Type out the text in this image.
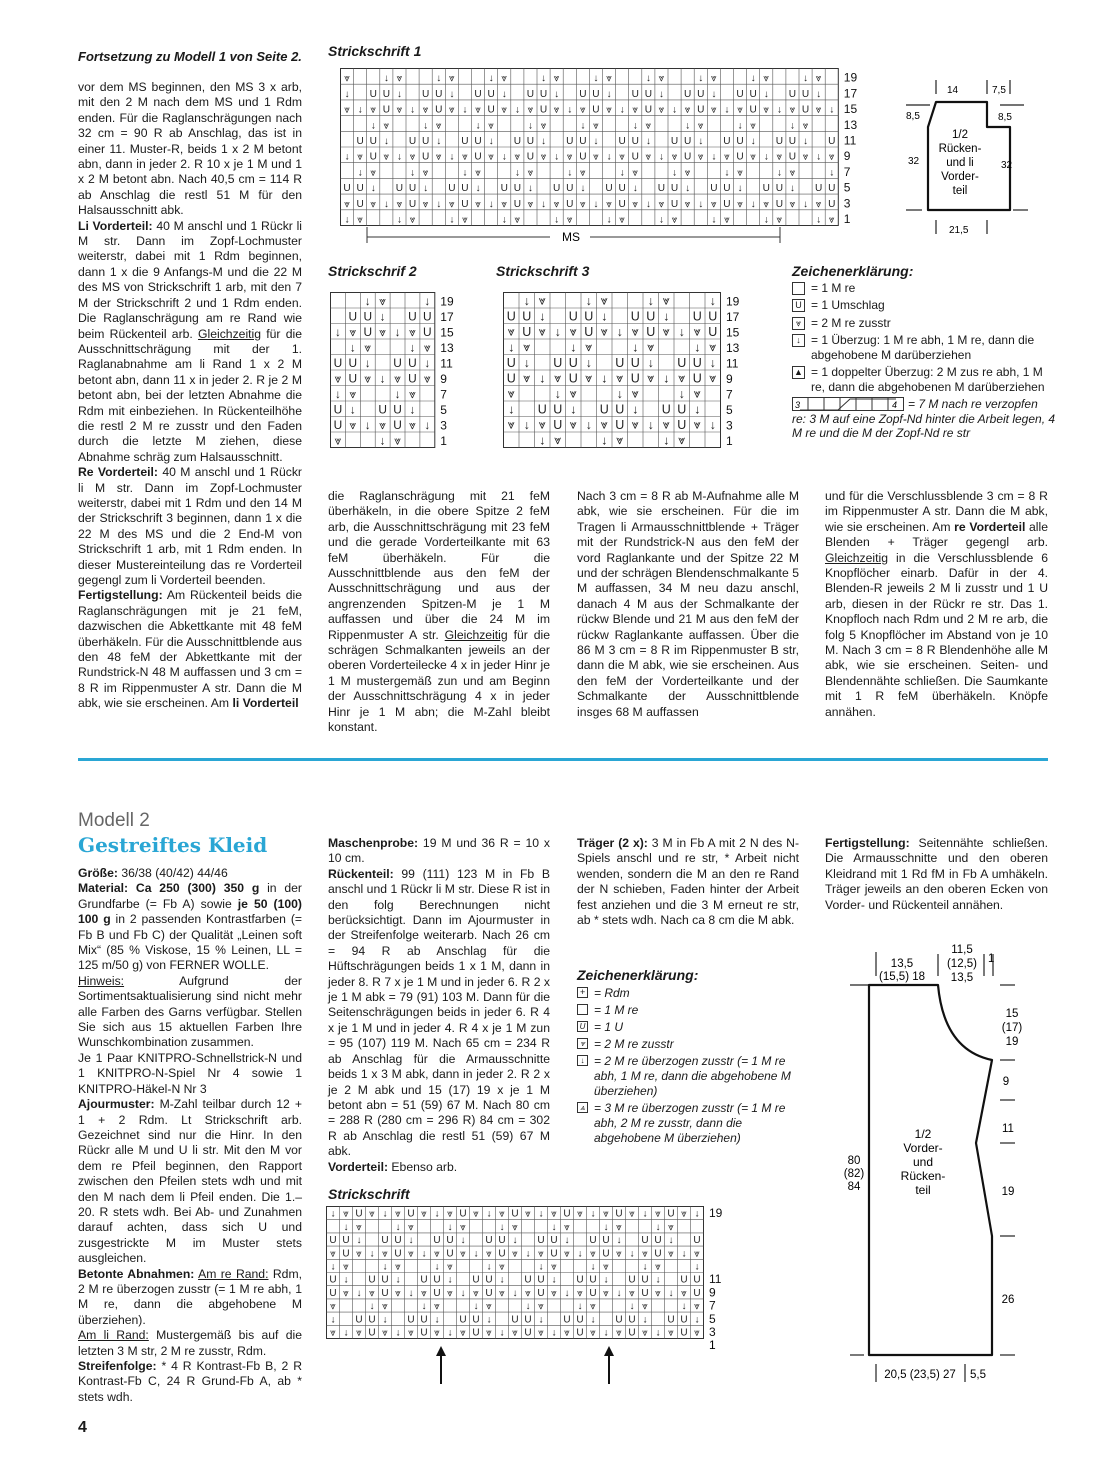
Fortsetzung zu Modell 1 von Seite 2.

vor dem MS beginnen, den MS 3 x arb, mit den 2 M nach dem MS und 1 Rdm enden. Für die Raglanschrägungen nach 32 cm = 90 R ab Anschlag, das ist in einer 11. Muster-R, beids 1 x 2 M betont abn, dann in jeder 2. R 10 x je 1 M und 1 x 2 M betont abn. Nach 40,5 cm = 114 R ab Anschlag die restl 51 M für den Halsausschnitt abk.

Li Vorderteil: 40 M anschl und 1 Rückr li M str. Dann im Zopf-Lochmuster weiterstr, dabei mit 1 Rdm beginnen, dann 1 x die 9 Anfangs-M und die 22 M des MS von Strickschrift 1 arb, mit den 7 M der Strickschrift 2 und 1 Rdm enden. Die Raglanschrägung am re Rand wie beim Rückenteil arb. Gleichzeitig für die Ausschnittschrägung mit der 1. Raglanabnahme am li Rand 1 x 2 M betont abn, dann 11 x in jeder 2. R je 2 M betont abn, bei der letzten Abnahme die Rdm mit einbeziehen. In Rückenteilhöhe die restl 2 M re zusstr und den Faden durch die letzte M ziehen, diese Abnahme schräg zum Halsausschnitt.

Re Vorderteil: 40 M anschl und 1 Rückr li M str. Dann im Zopf-Lochmuster weiterstr, dabei mit 1 Rdm und den 14 M der Strickschrift 3 beginnen, dann 1 x die 22 M des MS und die 2 End-M von Strickschrift 1 arb, mit 1 Rdm enden. In dieser Mustereinteilung das re Vorderteil gegengl zum li Vorderteil beenden.

Fertigstellung: Am Rückenteil beids die Raglanschrägungen mit je 21 feM, dazwischen die Abkettkante mit 48 feM überhäkeln. Für die Ausschnittblende aus den 48 feM der Abkettkante mit der Rundstrick-N 48 M auffassen und 3 cm = 8 R im Rippenmuster A str. Dann die M abk, wie sie erscheinen. Am li Vorderteil

Strickschrift 1
⩔	↓ ⩔	↓ ⩔	↓ ⩔	↓ ⩔	↓ ⩔	↓ ⩔	↓ ⩔	↓ ⩔	↓ ⩔ 19
↓ U U ↓ U U ↓ U U ↓ U U ↓ U U ↓ U U ↓ U U ↓ U U ↓ U U ↓ 17
⩔ ↓ ⩔ U ⩔ ↓ ⩔ U ⩔ ↓ ⩔ U ⩔ ↓ ⩔ U ⩔ ↓ ⩔ U ⩔ ↓ ⩔ U ⩔ ↓ ⩔ U ⩔ ↓ ⩔ U ⩔ ↓ ⩔ U ⩔ ↓ 15
↓ ⩔	↓ ⩔	↓ ⩔	↓ ⩔	↓ ⩔	↓ ⩔	↓ ⩔	↓ ⩔	↓ ⩔	13
U U ↓ U U ↓ U U ↓ U U ↓ U U ↓ U U ↓ U U ↓ U U ↓ U U ↓ U 11
↓ ⩔ U ⩔ ↓ ⩔ U ⩔ ↓ ⩔ U ⩔ ↓ ⩔ U ⩔ ↓ ⩔ U ⩔ ↓ ⩔ U ⩔ ↓ ⩔ U ⩔ ↓ ⩔ U ⩔ ↓ ⩔ U ⩔ ↓ ⩔ 9
↓ ⩔	↓ ⩔	↓ ⩔	↓ ⩔	↓ ⩔	↓ ⩔	↓ ⩔	↓ ⩔	↓ ⩔	↓ 7
U U ↓ U U ↓ U U ↓ U U ↓ U U ↓ U U ↓ U U ↓ U U ↓ U U ↓ U U 5
⩔ U ⩔ ↓ ⩔ U ⩔ ↓ ⩔ U ⩔ ↓ ⩔ U ⩔ ↓ ⩔ U ⩔ ↓ ⩔ U ⩔ ↓ ⩔ U ⩔ ↓ ⩔ U ⩔ ↓ ⩔ U ⩔ ↓ ⩔ U 3
↓ ⩔	↓ ⩔	↓ ⩔	↓ ⩔	↓ ⩔	↓ ⩔	↓ ⩔	↓ ⩔	↓ ⩔	↓ ⩔ 1
MS
Strickschrif 2
↓ ⩔	↓ 19
U U ↓ U U 17
↓ ⩔ U ⩔ ↓ ⩔ U 15
↓ ⩔	↓ ⩔ 13
U U ↓ U U ↓ 11
⩔ U ⩔ ↓ ⩔ U ⩔ 9
↓ ⩔	↓ ⩔ 7
U ↓ U U ↓ 5
U ⩔ ↓ ⩔ U ⩔ ↓ 3
⩔	↓ ⩔	1
Strickschrift 3
↓ ⩔	↓ ⩔	↓ ⩔	↓ 19
U U ↓ U U ↓ U U ↓ U U 17
⩔ U ⩔ ↓ ⩔ U ⩔ ↓ ⩔ U ⩔ ↓ ⩔ U 15
↓ ⩔	↓ ⩔	↓ ⩔	↓ ⩔ 13
U ↓ U U ↓ U U ↓ U U ↓ 11
U ⩔ ↓ ⩔ U ⩔ ↓ ⩔ U ⩔ ↓ ⩔ U ⩔ 9
⩔	↓ ⩔	↓ ⩔	↓ ⩔ 7
↓ U U ↓ U U ↓ U U ↓ 5
⩔ ↓ ⩔ U ⩔ ↓ ⩔ U ⩔ ↓ ⩔ U ⩔ ↓ 3
↓ ⩔	↓ ⩔	↓ ⩔	1
14	7,5
8,5	8,5
32	32
1/2
Rücken-
und li
Vorder-
teil
21,5
Zeichenerklärung:
= 1 M re
U = 1 Umschlag
⩔ = 2 M re zusstr
↓ = 1 Überzug: 1 M re abh, 1 M re, dann die abgehobene M darüberziehen
▲ = 1 doppelter Überzug: 2 M zus re abh, 1 M re, dann die abgehobenen M darüberziehen
3	4 = 7 M nach re verzopfen
re: 3 M auf eine Zopf-Nd hinter die Arbeit legen, 4 M re und die M der Zopf-Nd re str

die Raglanschrägung mit 21 feM überhäkeln, in die obere Spitze 2 feM arb, die Ausschnittschrägung mit 23 feM und die gerade Vorderteilkante mit 63 feM überhäkeln. Für die Ausschnittblende aus den feM der Ausschnittschrägung und aus der angrenzenden Spitzen-M je 1 M auffassen und über die 24 M im Rippenmuster A str. Gleichzeitig für die schrägen Schmalkanten jeweils an der oberen Vorderteilecke 4 x in jeder Hinr je 1 M mustergemäß zun und am Beginn der Ausschnittschrägung 4 x in jeder Hinr je 1 M abn; die M-Zahl bleibt konstant.

Nach 3 cm = 8 R ab M-Aufnahme alle M abk, wie sie erscheinen. Für die im Tragen li Armausschnittblende + Träger mit der Rundstrick-N aus den feM der vord Raglankante und der Spitze 22 M und der schrägen Blendenschmalkante 5 M auffassen, 34 M neu dazu anschl, danach 4 M aus der Schmalkante der rückw Blende und 21 M aus den feM der rückw Raglankante auffassen. Über die 86 M 3 cm = 8 R im Rippenmuster B str, dann die M abk, wie sie erscheinen. Aus den feM der Vorderteilkante und der Schmalkante der Ausschnittblende insges 68 M auffassen

und für die Verschlussblende 3 cm = 8 R im Rippenmuster A str. Dann die M abk, wie sie erscheinen. Am re Vorderteil alle Blenden + Träger gegengl arb. Gleichzeitig in die Verschlussblende 6 Knopflöcher einarb. Dafür in der 4. Blenden-R jeweils 2 M li zusstr und 1 U arb, diesen in der Rückr re str. Das 1. Knopfloch nach Rdm und 2 M re arb, die folg 5 Knopflöcher im Abstand von je 10 M. Nach 3 cm = 8 R Blendenhöhe alle M abk, wie sie erscheinen. Seiten- und Blendennähte schließen. Die Saumkante mit 1 R feM überhäkeln. Knöpfe annähen.

Modell 2
Gestreiftes Kleid

Größe: 36/38 (40/42) 44/46

Material: Ca 250 (300) 350 g in der Grundfarbe (= Fb A) sowie je 50 (100) 100 g in 2 passenden Kontrastfarben (= Fb B und Fb C) der Qualität „Leinen soft Mix“ (85 % Viskose, 15 % Leinen, LL = 125 m/50 g) von FERNER WOLLE.

Hinweis: Aufgrund der Sortimentsaktualisierung sind nicht mehr alle Farben des Garns verfügbar. Stellen Sie sich aus 15 aktuellen Farben Ihre Wunschkombination zusammen.

Je 1 Paar KNITPRO-Schnellstrick-N und 1 KNITPRO-N-Spiel Nr 4 sowie 1 KNITPRO-Häkel-N Nr 3

Ajourmuster: M-Zahl teilbar durch 12 + 1 + 2 Rdm. Lt Strickschrift arb. Gezeichnet sind nur die Hinr. In den Rückr alle M und U li str. Mit den M vor dem re Pfeil beginnen, den Rapport zwischen den Pfeilen stets wdh und mit den M nach dem li Pfeil enden. Die 1.–20. R stets wdh. Bei Ab- und Zunahmen darauf achten, dass sich U und zusgestrickte M im Muster stets ausgleichen.

Betonte Abnahmen: Am re Rand: Rdm, 2 M re überzogen zusstr (= 1 M re abh, 1 M re, dann die abgehobene M überziehen).

Am li Rand: Mustergemäß bis auf die letzten 3 M str, 2 M re zusstr, Rdm.

Streifenfolge: * 4 R Kontrast-Fb B, 2 R Kontrast-Fb C, 24 R Grund-Fb A, ab * stets wdh.

Maschenprobe: 19 M und 36 R = 10 x 10 cm.

Rückenteil: 99 (111) 123 M in Fb B anschl und 1 Rückr li M str. Diese R ist in den folg Berechnungen nicht berücksichtigt. Dann im Ajourmuster in der Streifenfolge weiterarb. Nach 26 cm = 94 R ab Anschlag für die Hüftschrägungen beids 1 x 1 M, dann in jeder 8. R 7 x je 1 M und in jeder 6. R 2 x je 1 M abk = 79 (91) 103 M. Dann für die Seitenschrägungen beids in jeder 6. R 4 x je 1 M und in jeder 4. R 4 x je 1 M zun = 95 (107) 119 M. Nach 65 cm = 234 R ab Anschlag für die Armausschnitte beids 1 x 3 M abk, dann in jeder 2. R 2 x je 2 M abk und 15 (17) 19 x je 1 M betont abn = 51 (59) 67 M. Nach 80 cm = 288 R (280 cm = 296 R) 84 cm = 302 R ab Anschlag die restl 51 (59) 67 M abk.

Vorderteil: Ebenso arb.

Träger (2 x): 3 M in Fb A mit 2 N des N-Spiels anschl und re str, * Arbeit nicht wenden, sondern die M an den re Rand der N schieben, Faden hinter der Arbeit fest anziehen und die 3 M erneut re str, ab * stets wdh. Nach ca 8 cm die M abk.

Fertigstellung: Seitennähte schließen. Die Armausschnitte und den oberen Kleidrand mit 1 Rd fM in Fb A umhäkeln. Träger jeweils an den oberen Ecken von Vorder- und Rückenteil annähen.

Zeichenerklärung:
+ = Rdm
= 1 M re
U = 1 U
⩔ = 2 M re zusstr
↓ = 2 M re überzogen zusstr (= 1 M re abh, 1 M re, dann die abgehobene M überziehen)
⩓ = 3 M re überzogen zusstr (= 1 M re abh, 2 M re zusstr, dann die abgehobene M überziehen)
Strickschrift
↓ ⩔ U ⩔ ↓ ⩔ U ⩔ ↓ ⩔ U ⩔ ↓ ⩔ U ⩔ ↓ ⩔ U ⩔ ↓ ⩔ U ⩔ ↓ ⩔ U ⩔ ↓ 19
↓ ⩔	↓ ⩔	↓ ⩔	↓ ⩔	↓ ⩔	↓ ⩔	↓ ⩔
U U ↓ U U ↓ U U ↓ U U ↓ U U ↓ U U ↓ U U ↓ U
⩔ U ⩔ ↓ ⩔ U ⩔ ↓ ⩔ U ⩔ ↓ ⩔ U ⩔ ↓ ⩔ U ⩔ ↓ ⩔ U ⩔ ↓ ⩔ U ⩔ ↓ ⩔
↓ ⩔	↓ ⩔	↓ ⩔	↓ ⩔	↓ ⩔	↓ ⩔	↓ ⩔	↓
U ↓ U U ↓ U U ↓ U U ↓ U U ↓ U U ↓ U U ↓ U U 11
U ⩔ ↓ ⩔ U ⩔ ↓ ⩔ U ⩔ ↓ ⩔ U ⩔ ↓ ⩔ U ⩔ ↓ ⩔ U ⩔ ↓ ⩔ U ⩔ ↓ ⩔ U 9
⩔	↓ ⩔	↓ ⩔	↓ ⩔	↓ ⩔	↓ ⩔	↓ ⩔	↓ ⩔ 7
↓ U U ↓ U U ↓ U U ↓ U U ↓ U U ↓ U U ↓ U U ↓ 5
⩔ ↓ ⩔ U ⩔ ↓ ⩔ U ⩔ ↓ ⩔ U ⩔ ↓ ⩔ U ⩔ ↓ ⩔ U ⩔ ↓ ⩔ U ⩔ ↓ ⩔ U ⩔ 3
1
13,5
(15,5) 18
11,5
(12,5)
13,5
1
15
(17)
19
9
11
19
26
80
(82)
84
1/2
Vorder-
und
Rücken-
teil
20,5 (23,5) 27 5,5
4
